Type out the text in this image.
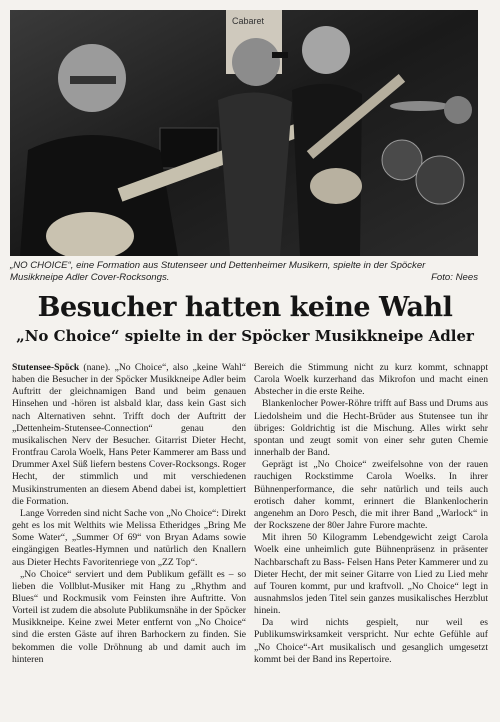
Cabaret
„NO CHOICE“, eine Formation aus Stutenseer und Dettenheimer Musikern, spielte in der Spöcker Musikkneipe Adler Cover-Rocksongs.	Foto: Nees
Besucher hatten keine Wahl
„No Choice“ spielte in der Spöcker Musikkneipe Adler

Stutensee-Spöck (nane). „No Choice“, also „keine Wahl“ haben die Besucher in der Spöcker Musikkneipe Adler beim Auftritt der gleichnamigen Band und beim genauen Hinsehen und -hören ist alsbald klar, dass kein Gast sich nach Alternativen sehnt. Trifft doch der Auftritt der „Dettenheim-Stutensee-Connection“ genau den musikalischen Nerv der Besucher. Gitarrist Dieter Hecht, Frontfrau Carola Woelk, Hans Peter Kammerer am Bass und Drummer Axel Süß liefern bestens Cover-Rocksongs. Roger Hecht, der stimmlich und mit verschiedenen Musikinstrumenten an diesem Abend dabei ist, komplettiert die Formation.

Lange Vorreden sind nicht Sache von „No Choice“: Direkt geht es los mit Welthits wie Melissa Etheridges „Bring Me Some Water“, „Summer Of 69“ von Bryan Adams sowie eingängigen Beatles-Hymnen und natürlich den Knallern aus Dieter Hechts Favoritenriege von „ZZ Top“.

„No Choice“ serviert und dem Publikum gefällt es – so lieben die Vollblut-Musiker mit Hang zu „Rhythm and Blues“ und Rockmusik vom Feinsten ihre Auftritte. Von Vorteil ist zudem die absolute Publikumsnähe in der Spöcker Musikkneipe. Keine zwei Meter entfernt von „No Choice“ sind die ersten Gäste auf ihren Barhockern zu finden. Sie bekommen die volle Dröhnung ab und damit auch im hinteren

Bereich die Stimmung nicht zu kurz kommt, schnappt Carola Woelk kurzerhand das Mikrofon und macht einen Abstecher in die erste Reihe.

Blankenlocher Power-Röhre trifft auf Bass und Drums aus Liedolsheim und die Hecht-Brüder aus Stutensee tun ihr übriges: Goldrichtig ist die Mischung. Alles wirkt sehr spontan und zeugt somit von einer sehr guten Chemie innerhalb der Band.

Geprägt ist „No Choice“ zweifelsohne von der rauen rauchigen Rockstimme Carola Woelks. In ihrer Bühnenperformance, die sehr natürlich und teils auch erotisch daher kommt, erinnert die Blankenlocherin angenehm an Doro Pesch, die mit ihrer Band „Warlock“ in der Rockszene der 80er Jahre Furore machte.

Mit ihren 50 Kilogramm Lebendgewicht zeigt Carola Woelk eine unheimlich gute Bühnenpräsenz in präsenter Nachbarschaft zu Bass- Felsen Hans Peter Kammerer und zu Dieter Hecht, der mit seiner Gitarre von Lied zu Lied mehr auf Touren kommt, pur und kraftvoll. „No Choice“ legt in ausnahmslos jeden Titel sein ganzes musikalisches Herzblut hinein.

Da wird nichts gespielt, nur weil es Publikumswirksamkeit verspricht. Nur echte Gefühle auf „No Choice“-Art musikalisch und gesanglich umgesetzt kommt bei der Band ins Repertoire.
